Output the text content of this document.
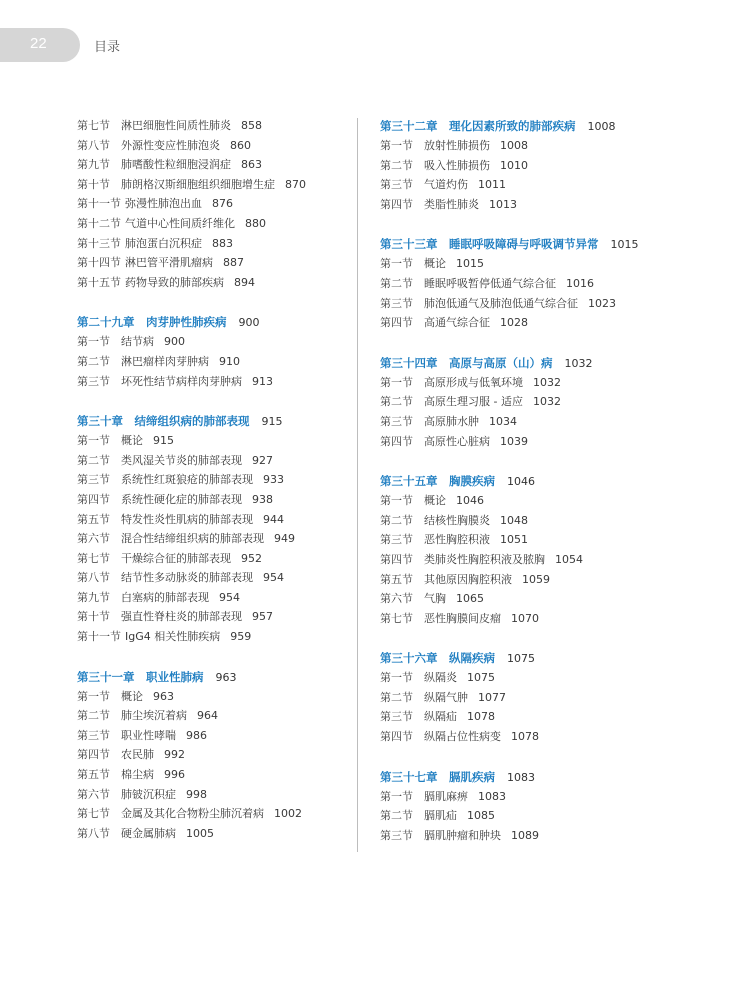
22	目录
第七节 淋巴细胞性间质性肺炎 858
第八节 外源性变应性肺泡炎 860
第九节 肺嗜酸性粒细胞浸润症 863
第十节 肺朗格汉斯细胞组织细胞增生症 870
第十一节 弥漫性肺泡出血 876
第十二节 气道中心性间质纤维化 880
第十三节 肺泡蛋白沉积症 883
第十四节 淋巴管平滑肌瘤病 887
第十五节 药物导致的肺部疾病 894
第二十九章　肉芽肿性肺疾病 900
第一节 结节病 900
第二节 淋巴瘤样肉芽肿病 910
第三节 坏死性结节病样肉芽肿病 913
第三十章　结缔组织病的肺部表现 915
第一节 概论 915
第二节 类风湿关节炎的肺部表现 927
第三节 系统性红斑狼疮的肺部表现 933
第四节 系统性硬化症的肺部表现 938
第五节 特发性炎性肌病的肺部表现 944
第六节 混合性结缔组织病的肺部表现 949
第七节 干燥综合征的肺部表现 952
第八节 结节性多动脉炎的肺部表现 954
第九节 白塞病的肺部表现 954
第十节 强直性脊柱炎的肺部表现 957
第十一节 IgG4 相关性肺疾病 959
第三十一章　职业性肺病 963
第一节 概论 963
第二节 肺尘埃沉着病 964
第三节 职业性哮喘 986
第四节 农民肺 992
第五节 棉尘病 996
第六节 肺铍沉积症 998
第七节 金属及其化合物粉尘肺沉着病 1002
第八节 硬金属肺病 1005
第三十二章　理化因素所致的肺部疾病 1008
第一节 放射性肺损伤 1008
第二节 吸入性肺损伤 1010
第三节 气道灼伤 1011
第四节 类脂性肺炎 1013
第三十三章　睡眠呼吸障碍与呼吸调节异常 1015
第一节 概论 1015
第二节 睡眠呼吸暂停低通气综合征 1016
第三节 肺泡低通气及肺泡低通气综合征 1023
第四节 高通气综合征 1028
第三十四章　高原与高原（山）病 1032
第一节 高原形成与低氧环境 1032
第二节 高原生理习服 - 适应 1032
第三节 高原肺水肿 1034
第四节 高原性心脏病 1039
第三十五章　胸膜疾病 1046
第一节 概论 1046
第二节 结核性胸膜炎 1048
第三节 恶性胸腔积液 1051
第四节 类肺炎性胸腔积液及脓胸 1054
第五节 其他原因胸腔积液 1059
第六节 气胸 1065
第七节 恶性胸膜间皮瘤 1070
第三十六章　纵隔疾病 1075
第一节 纵隔炎 1075
第二节 纵隔气肿 1077
第三节 纵隔疝 1078
第四节 纵隔占位性病变 1078
第三十七章　膈肌疾病 1083
第一节 膈肌麻痹 1083
第二节 膈肌疝 1085
第三节 膈肌肿瘤和肿块 1089
